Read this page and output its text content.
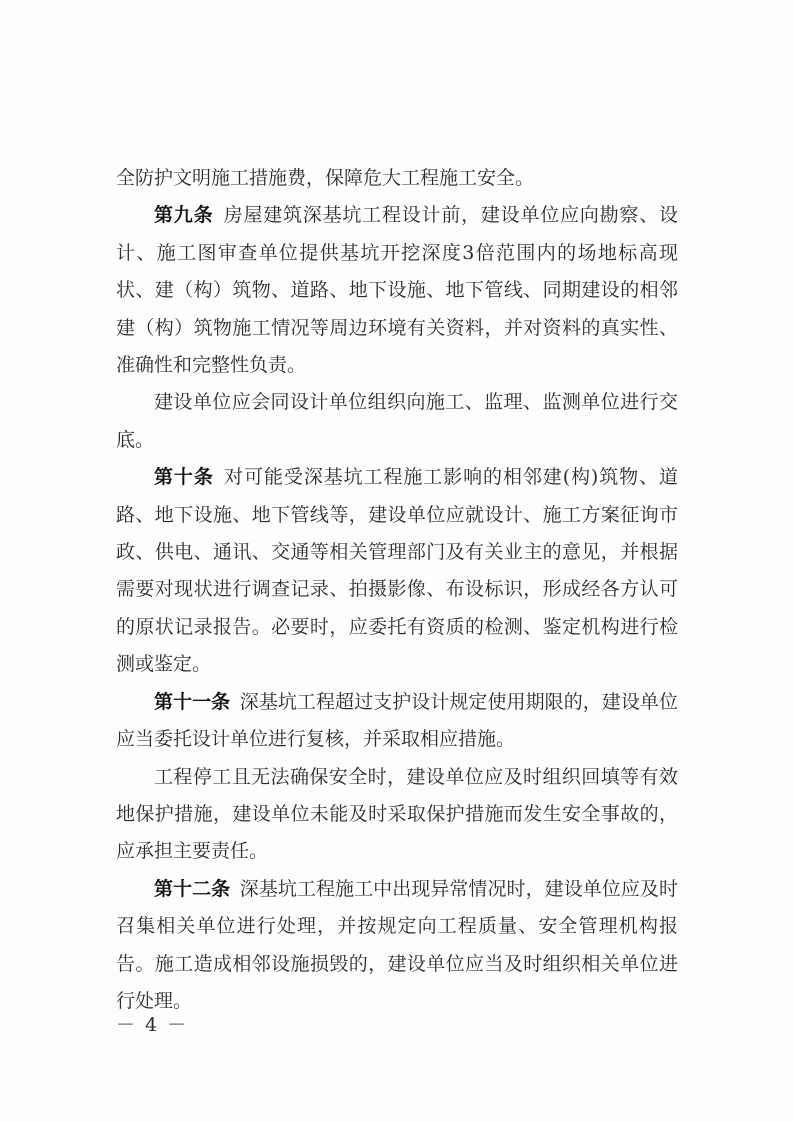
全防护文明施工措施费，保障危大工程施工安全。

第九条  房屋建筑深基坑工程设计前，建设单位应向勘察、设计、施工图审查单位提供基坑开挖深度3倍范围内的场地标高现状、建（构）筑物、道路、地下设施、地下管线、同期建设的相邻建（构）筑物施工情况等周边环境有关资料，并对资料的真实性、准确性和完整性负责。

建设单位应会同设计单位组织向施工、监理、监测单位进行交底。

第十条  对可能受深基坑工程施工影响的相邻建(构)筑物、道路、地下设施、地下管线等，建设单位应就设计、施工方案征询市政、供电、通讯、交通等相关管理部门及有关业主的意见，并根据需要对现状进行调查记录、拍摄影像、布设标识，形成经各方认可的原状记录报告。必要时，应委托有资质的检测、鉴定机构进行检测或鉴定。

第十一条  深基坑工程超过支护设计规定使用期限的，建设单位应当委托设计单位进行复核，并采取相应措施。

工程停工且无法确保安全时，建设单位应及时组织回填等有效地保护措施，建设单位未能及时采取保护措施而发生安全事故的，应承担主要责任。

第十二条  深基坑工程施工中出现异常情况时，建设单位应及时召集相关单位进行处理，并按规定向工程质量、安全管理机构报告。施工造成相邻设施损毁的，建设单位应当及时组织相关单位进行处理。

－ 4 －
